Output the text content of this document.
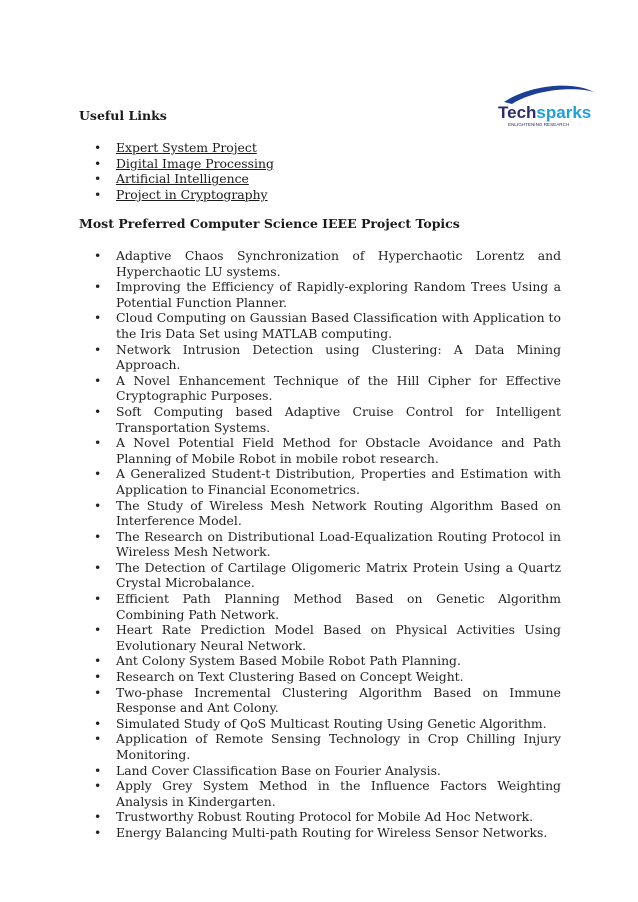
Techsparks
ENLIGHTENING RESEARCH
Useful Links
• Expert System Project
• Digital Image Processing
• Artificial Intelligence
• Project in Cryptography
Most Preferred Computer Science IEEE Project Topics
• Adaptive Chaos Synchronization of Hyperchaotic Lorentz and Hyperchaotic LU systems.
• Improving the Efficiency of Rapidly-exploring Random Trees Using a Potential Function Planner.
• Cloud Computing on Gaussian Based Classification with Application to the Iris Data Set using MATLAB computing.
• Network Intrusion Detection using Clustering: A Data Mining Approach.
• A Novel Enhancement Technique of the Hill Cipher for Effective Cryptographic Purposes.
• Soft Computing based Adaptive Cruise Control for Intelligent Transportation Systems.
• A Novel Potential Field Method for Obstacle Avoidance and Path Planning of Mobile Robot in mobile robot research.
• A Generalized Student-t Distribution, Properties and Estimation with Application to Financial Econometrics.
• The Study of Wireless Mesh Network Routing Algorithm Based on Interference Model.
• The Research on Distributional Load-Equalization Routing Protocol in Wireless Mesh Network.
• The Detection of Cartilage Oligomeric Matrix Protein Using a Quartz Crystal Microbalance.
• Efficient Path Planning Method Based on Genetic Algorithm Combining Path Network.
• Heart Rate Prediction Model Based on Physical Activities Using Evolutionary Neural Network.
• Ant Colony System Based Mobile Robot Path Planning.
• Research on Text Clustering Based on Concept Weight.
• Two-phase Incremental Clustering Algorithm Based on Immune Response and Ant Colony.
• Simulated Study of QoS Multicast Routing Using Genetic Algorithm.
• Application of Remote Sensing Technology in Crop Chilling Injury Monitoring.
• Land Cover Classification Base on Fourier Analysis.
• Apply Grey System Method in the Influence Factors Weighting Analysis in Kindergarten.
• Trustworthy Robust Routing Protocol for Mobile Ad Hoc Network.
• Energy Balancing Multi-path Routing for Wireless Sensor Networks.
